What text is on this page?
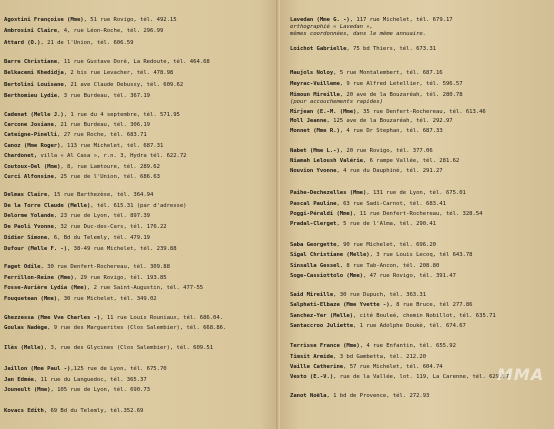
Agostini Françoise (Mme), 51 rue Rovigo, tél. 492.15
Ambrosini Claire, 4, rue Léon-Roche, tél. 296.99
Attard (O.), 21 de l'Union, tél. 606.59
Barre Christiane, 11 rue Gustave Doré, La Redoute, tél. 464.68
Belkacemi Khedidja, 2 bis rue Levacher, tél. 478.98
Bertolini Louisane, 21 ave Claude Debussy, tél. 609.62
Berthomieu Lydie, 3 rue Burdeau, tél. 367.19
Cadenat (Melle J.), 1 rue du 4 septembre, tél. 571.95
Carcone Josiane, 21 rue Burdeau, tél. 306.19
Cateigne-Pinelli, 27 rue Roche, tél. 683.71
Canoz (Mme Roger), 113 rue Michelet, tél. 687.31
Chardonet, villa « Al Casa », r.n. 3, Hydra tél. 622.72
Coutoux-Oel (Mme), 8, rue Lamtoure, tél. 289.62
Curci Alfonsine, 25 rue de l'Union, tél. 686.63
Delmas Claire, 15 rue Barthezèse, tél. 364.94
De la Torre Claude (Melle), tél. 615.31 (par d'adresse)
Delorme Yolande, 23 rue de Lyon, tél. 897.39
De Paoli Yvonne, 32 rue Duc-des-Cars, tél. 176.22
Didier Simone, 6, Bd du Telemly, tél. 479.19
Dufour (Melle F. -), 38-49 rue Michelet, tél. 239.88
Faget Odile, 30 rue Denfert-Rochereau, tél. 309.88
Ferrillon-Reine (Mme), 29 rue Rovigo, tél. 193.85
Fosse-Aurière Lydia (Mme), 2 rue Saint-Augustin, tél. 477-55
Fouquetean (Mme), 30 rue Michelet, tél. 349.02
Ghezzessa (Mme Vve Charles -), 11 rue Louis Rouniaux, tél. 686.04.
Goulas Nadège, 9 rue des Marguerites (Clos Salembier), tél. 668.86.
Ilès (Melle), 3, rue des Glycines (Clos Salembier), tél. 609.51
Jaillon (Mme Paul -),125 rue de Lyon, tél. 675.70
Jan Edmée, 11 rue du Languedoc, tél. 365.37
Jouneult (Mme), 105 rue de Lyon, tél. 690.73
Kovacs Edith, 69 Bd du Telemly, tél.352.69
Lavedan (Mme G. -), 117 rue Michelet, tél. 679.17
orthographié « Lavedan »,
mêmes coordonnées, dans le même annuaire.
Loichot Gabrielle, 75 bd Thiers, tél. 673.31
Maujols Noloy, 5 rue Montalembert, tél. 687.16
Meyrac-Vuilleme, 9 rue Alfred Letellier, tél. 596.57
Mimoun Mireille, 20 ave de la Bouzaréah, tél. 280.78
(pour accouchements rapides)
Mirjean (E.-M. (Mme), 35 rue Denfert-Rochereau, tél. 613.46
Moll Jeanne, 125 ave de la Bouzaréah, tél. 292.97
Monnet (Mme R.), 4 rue Dr Stephan, tél. 687.33
Nabet (Mme L.-), 20 rue Rovigo, tél. 377.06
Niamah Leloush Valérie, 6 rampe Vallée, tél. 281.62
Nouvion Yvonne, 4 rue du Dauphiné, tél. 291.27
Paihe-Dechezelles (Mme), 131 rue de Lyon, tél. 675.01
Pascal Pauline, 63 rue Sadi-Carnot, tél. 683.41
Poggi-Péraldi (Mme), 11 rue Denfert-Rochereau, tél. 328.54
Pradal-Clerget, 5 rue de l'Alma, tél. 290.41
Saba Georgette, 90 rue Michelet, tél. 696.20
Sigal Christiane (Melle), 3 rue Louis Lecoq, tél 643.78
Sinsalla Gessel, 8 rue Tab-Ancon, tél. 208.80
Soge-Cassiottolo (Mme), 47 rue Rovigo, tél. 391.47
Said Mireille, 30 rue Dupuch, tél. 363.31
Salphati-Elbaze (Mme Yvette -), 8 rue Bruce, tél 277.86
Sanchez-Yer (Melle), cité Bouleé, chemin Nobillot, tél. 635.71
Santaccroo Juliette, 1 rue Adolphe Doukè, tél. 674.67
Terrisse France (Mme), 4 rue Enfantin, tél. 655.92
Timsit Armide, 3 bd Gambetta, tél. 212.20
Vaille Catherine, 57 rue Michelet, tél. 604.74
Vesto (E.-V.), rue de la Vallée, lot. 119, La Carenne, tél. 629.97
Zanot Noëla, 1 bd de Provence, tél. 272.93
MMA
